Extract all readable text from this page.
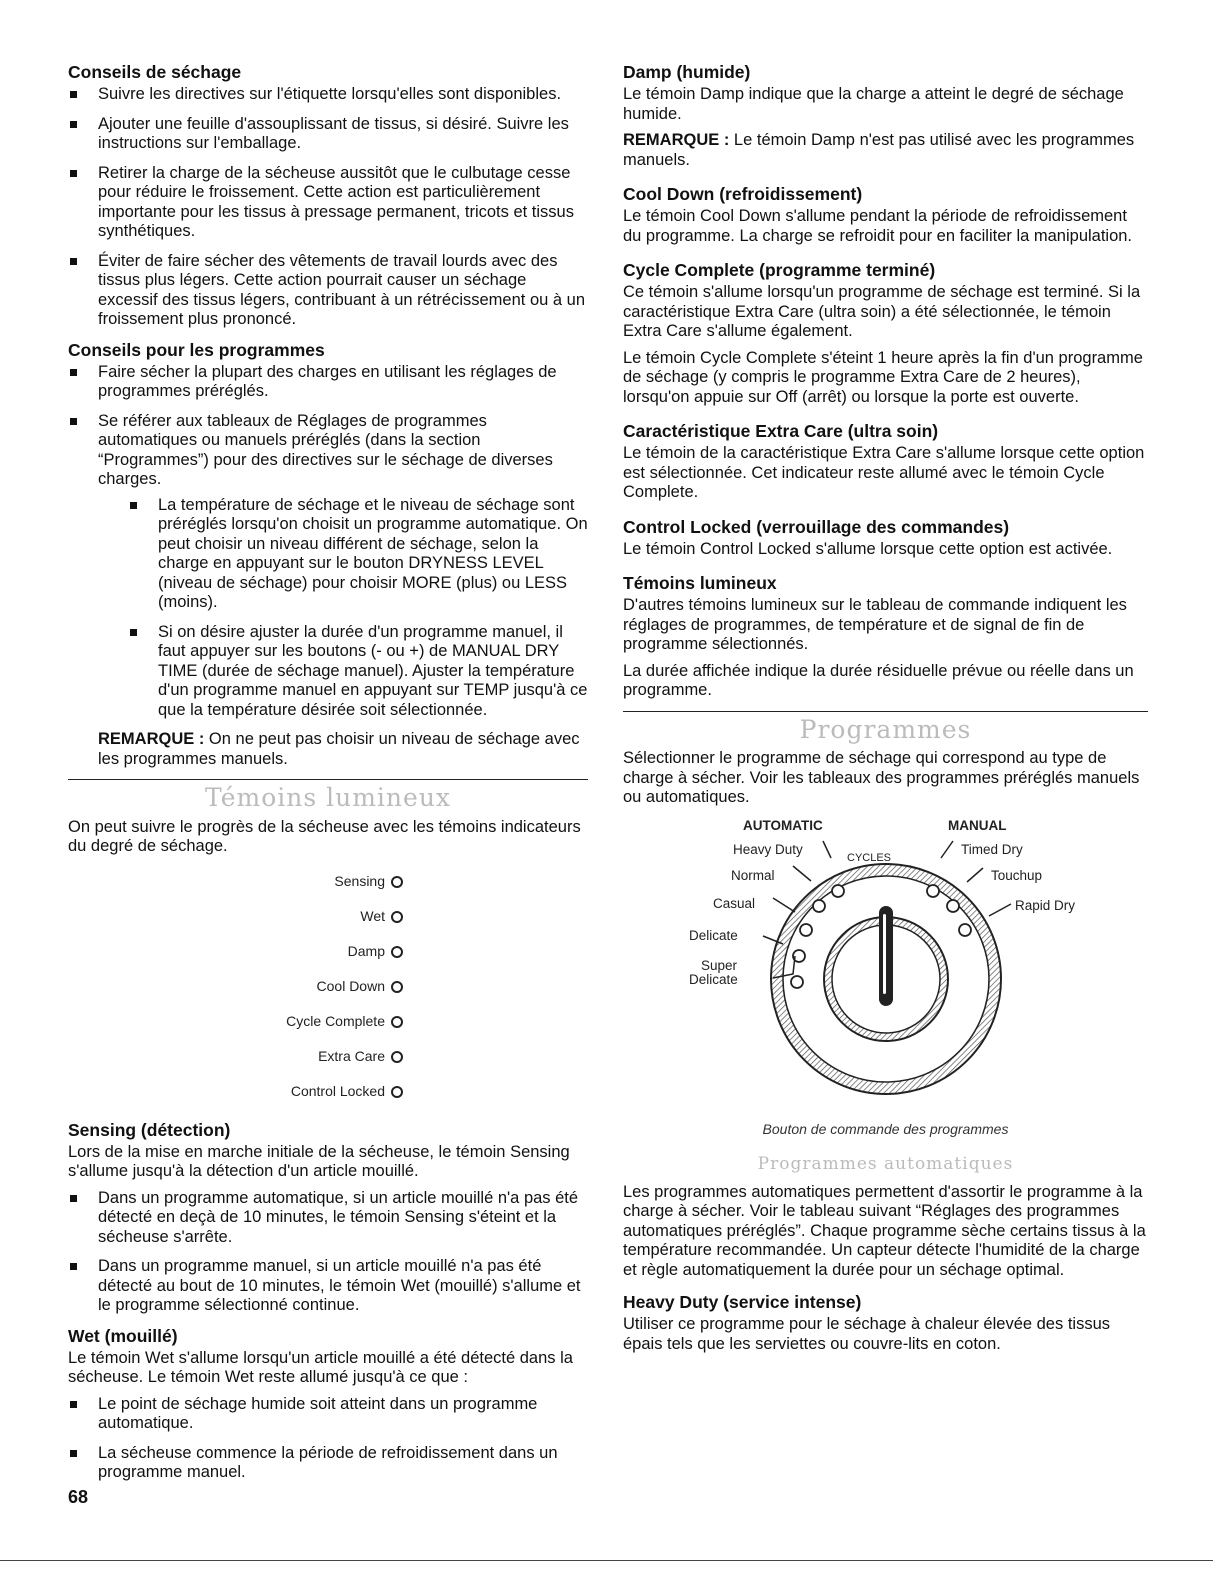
Conseils de séchage
Suivre les directives sur l'étiquette lorsqu'elles sont disponibles.
Ajouter une feuille d'assouplissant de tissus, si désiré. Suivre les instructions sur l'emballage.
Retirer la charge de la sécheuse aussitôt que le culbutage cesse pour réduire le froissement. Cette action est particulièrement importante pour les tissus à pressage permanent, tricots et tissus synthétiques.
Éviter de faire sécher des vêtements de travail lourds avec des tissus plus légers. Cette action pourrait causer un séchage excessif des tissus légers, contribuant à un rétrécissement ou à un froissement plus prononcé.
Conseils pour les programmes
Faire sécher la plupart des charges en utilisant les réglages de programmes préréglés.
Se référer aux tableaux de Réglages de programmes automatiques ou manuels préréglés (dans la section “Programmes”) pour des directives sur le séchage de diverses charges.
La température de séchage et le niveau de séchage sont préréglés lorsqu'on choisit un programme automatique. On peut choisir un niveau différent de séchage, selon la charge en appuyant sur le bouton DRYNESS LEVEL (niveau de séchage) pour choisir MORE (plus) ou LESS (moins).
Si on désire ajuster la durée d'un programme manuel, il faut appuyer sur les boutons (- ou +) de MANUAL DRY TIME (durée de séchage manuel). Ajuster la température d'un programme manuel en appuyant sur TEMP jusqu'à ce que la température désirée soit sélectionnée.

REMARQUE : On ne peut pas choisir un niveau de séchage avec les programmes manuels.

Témoins lumineux

On peut suivre le progrès de la sécheuse avec les témoins indicateurs du degré de séchage.

Sensing
Wet
Damp
Cool Down
Cycle Complete
Extra Care
Control Locked
Sensing (détection)

Lors de la mise en marche initiale de la sécheuse, le témoin Sensing s'allume jusqu'à la détection d'un article mouillé.

Dans un programme automatique, si un article mouillé n'a pas été détecté en deçà de 10 minutes, le témoin Sensing s'éteint et la sécheuse s'arrête.
Dans un programme manuel, si un article mouillé n'a pas été détecté au bout de 10 minutes, le témoin Wet (mouillé) s'allume et le programme sélectionné continue.
Wet (mouillé)

Le témoin Wet s'allume lorsqu'un article mouillé a été détecté dans la sécheuse. Le témoin Wet reste allumé jusqu'à ce que :

Le point de séchage humide soit atteint dans un programme automatique.
La sécheuse commence la période de refroidissement dans un programme manuel.
Damp (humide)

Le témoin Damp indique que la charge a atteint le degré de séchage humide.

REMARQUE : Le témoin Damp n'est pas utilisé avec les programmes manuels.

Cool Down (refroidissement)

Le témoin Cool Down s'allume pendant la période de refroidissement du programme. La charge se refroidit pour en faciliter la manipulation.

Cycle Complete (programme terminé)

Ce témoin s'allume lorsqu'un programme de séchage est terminé. Si la caractéristique Extra Care (ultra soin) a été sélectionnée, le témoin Extra Care s'allume également.

Le témoin Cycle Complete s'éteint 1 heure après la fin d'un programme de séchage (y compris le programme Extra Care de 2 heures), lorsqu'on appuie sur Off (arrêt) ou lorsque la porte est ouverte.

Caractéristique Extra Care (ultra soin)

Le témoin de la caractéristique Extra Care s'allume lorsque cette option est sélectionnée. Cet indicateur reste allumé avec le témoin Cycle Complete.

Control Locked (verrouillage des commandes)

Le témoin Control Locked s'allume lorsque cette option est activée.

Témoins lumineux

D'autres témoins lumineux sur le tableau de commande indiquent les réglages de programmes, de température et de signal de fin de programme sélectionnés.

La durée affichée indique la durée résiduelle prévue ou réelle dans un programme.

Programmes

Sélectionner le programme de séchage qui correspond au type de charge à sécher. Voir les tableaux des programmes préréglés manuels ou automatiques.

AUTOMATIC	MANUAL
CYCLES
Heavy Duty
Normal
Casual
Delicate
Super
Delicate
Timed Dry
Touchup
Rapid Dry
Bouton de commande des programmes
Programmes automatiques

Les programmes automatiques permettent d'assortir le programme à la charge à sécher. Voir le tableau suivant “Réglages des programmes automatiques préréglés”. Chaque programme sèche certains tissus à la température recommandée. Un capteur détecte l'humidité de la charge et règle automatiquement la durée pour un séchage optimal.

Heavy Duty (service intense)

Utiliser ce programme pour le séchage à chaleur élevée des tissus épais tels que les serviettes ou couvre-lits en coton.

68
